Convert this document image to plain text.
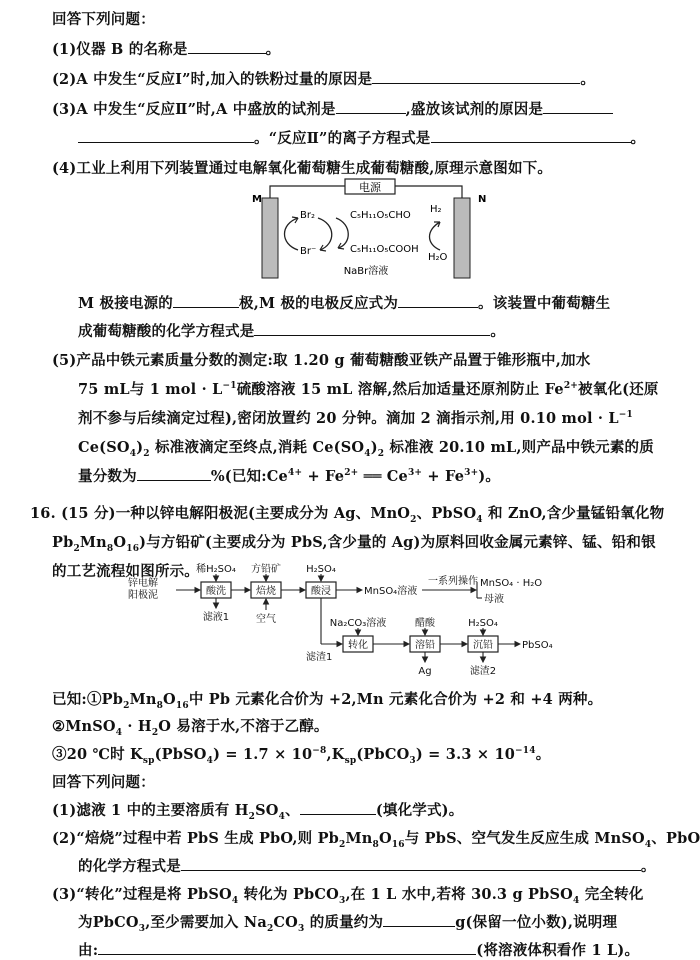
回答下列问题：
(1)仪器 B 的名称是	。
(2)A 中发生“反应Ⅰ”时,加入的铁粉过量的原因是	。
(3)A 中发生“反应Ⅱ”时,A 中盛放的试剂是	,盛放该试剂的原因是
。“反应Ⅱ”的离子方程式是	。
(4)工业上利用下列装置通过电解氧化葡萄糖生成葡萄糖酸,原理示意图如下。
M 极接电源的	极,M 极的电极反应式为	。该装置中葡萄糖生
成葡萄糖酸的化学方程式是	。
(5)产品中铁元素质量分数的测定:取 1.20 g 葡萄糖酸亚铁产品置于锥形瓶中,加水
75 mL与 1 mol · $L^{-1}$硫酸溶液 15 mL 溶解,然后加适量还原剂防止 $Fe^{2+}$被氧化(还原
剂不参与后续滴定过程),密闭放置约 20 分钟。滴加 2 滴指示剂,用 0.10 mol · $L^{-1}$
$Ce(SO_4)_2$ 标准液滴定至终点,消耗 $Ce(SO_4)_2$ 标准液 20.10 mL,则产品中铁元素的质
量分数为	%(已知$:Ce^{4+} + Fe^{2+}$ ══ $Ce^{3+} + Fe^{3+}$)。
16. (15 分)一种以锌电解阳极泥(主要成分为 Ag、MnO$_2$、PbSO$_4$ 和 ZnO,含少量锰铅氧化物
$Pb_2Mn_8O_{16}$)与方铅矿(主要成分为 PbS,含少量的 Ag)为原料回收金属元素锌、锰、铅和银
的工艺流程如图所示。
已知$:①Pb_2Mn_8O_{16}$中 Pb 元素化合价为 +2,Mn 元素化合价为 +2 和 +4 两种。
②MnSO$_4$ · $H_2O$ 易溶于水,不溶于乙醇。
③20 ℃时 $K_{sp}(PbSO_4) = 1.7$ × $10^{-8},K_{sp}(PbCO_3) = 3.3 \times 10^{-14}$。
回答下列问题：
(1)滤液 1 中的主要溶质有 $H_2SO_4$、	(填化学式)。
(2)“焙烧”过程中若 PbS 生成 PbO,则 $Pb_2Mn_8O_{16}$与 PbS、空气发生反应生成 MnSO$_4$、PbO
的化学方程式是	。
(3)“转化”过程是将 PbSO$_4$ 转化为 PbCO$_3$,在 1 L 水中,若将 30.3 g PbSO$_4$ 完全转化
为PbCO$_3$,至少需要加入 $Na_2CO_3$ 的质量约为	g(保留一位小数),说明理
由:	(将溶液体积看作 1 L)。
电源
M	N
Br₂
Br⁻
C₅H₁₁O₅CHO
C₅H₁₁O₅COOH
H₂
H₂O
NaBr溶液
锌电解
阳极泥	酸洗	焙烧	酸浸	MnSO₄溶液
一系列操作 MnSO₄ · H₂O
母液
稀H₂SO₄ 方铅矿	H₂SO₄
滤液1	空气
滤渣1
转化
Na₂CO₃溶液
溶铅
醋酸
Ag
沉铅
H₂SO₄
滤渣2
PbSO₄
